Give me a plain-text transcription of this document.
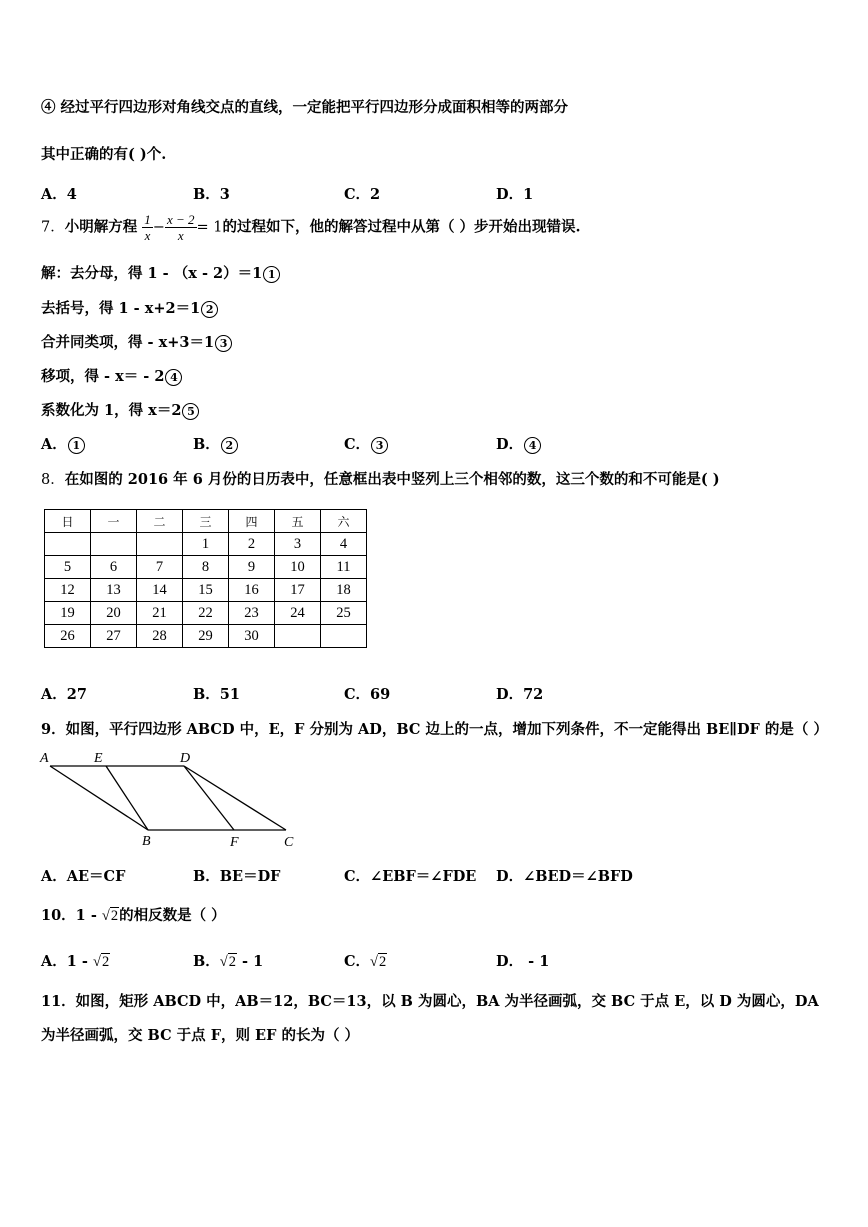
④ 经过平行四边形对角线交点的直线，一定能把平行四边形分成面积相等的两部分
其中正确的有( )个.
A．4	B．3	C．2	D．1
7．小明解方程 $\frac{1}{x} - \frac{x - 2}{x} = 1$的过程如下，他的解答过程中从第（ ）步开始出现错误.
解：去分母，得 1 - （x - 2）＝1 1
去括号，得 1 - x+2＝1 2
合并同类项，得 - x+3＝1 3
移项，得 - x＝ - 2 4
系数化为 1，得 x＝2 5
A． 1	B． 2	C． 3	D． 4
8．在如图的 2016 年 6 月份的日历表中，任意框出表中竖列上三个相邻的数，这三个数的和不可能是( )
日	一	二	三	四	五	六
			1	2	3	4
5	6	7	8	9	10	11
12	13	14	15	16	17	18
19	20	21	22	23	24	25
26	27	28	29	30		
A．27	B．51	C．69	D．72
9．如图，平行四边形 ABCD 中，E，F 分别为 AD，BC 边上的一点，增加下列条件，不一定能得出 BE∥DF 的是（ ）
A	E	D
B	F	C
A．AE＝CF	B．BE＝DF	C．∠EBF＝∠FDE D．∠BED＝∠BFD
10．1 - √2的相反数是（ ）
A．1 - √2	B．√2 - 1	C．√2	D． - 1
11．如图，矩形 ABCD 中，AB＝12，BC＝13，以 B 为圆心，BA 为半径画弧，交 BC 于点 E，以 D 为圆心，DA
为半径画弧，交 BC 于点 F，则 EF 的长为（ ）
